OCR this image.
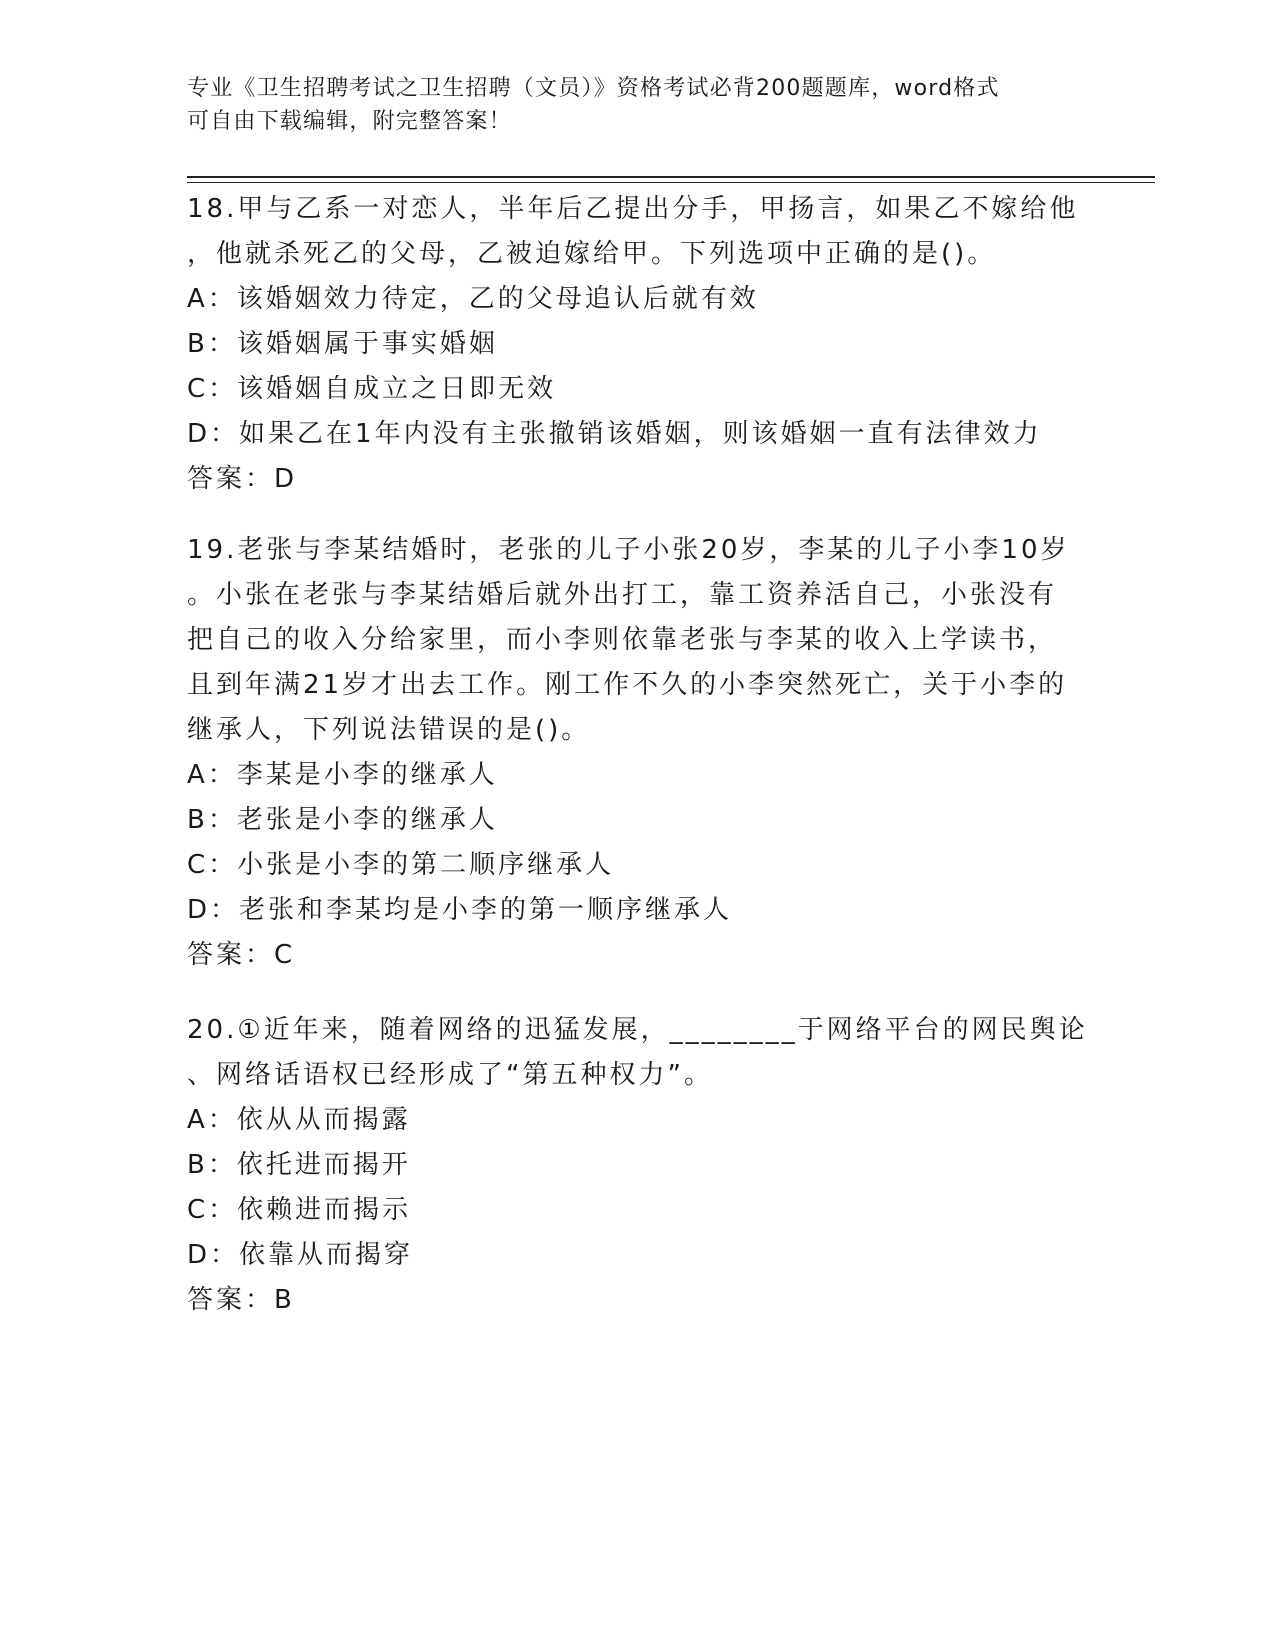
专业《卫生招聘考试之卫生招聘（文员）》资格考试必背200题题库，word格式
可自由下载编辑，附完整答案！
18.甲与乙系一对恋人，半年后乙提出分手，甲扬言，如果乙不嫁给他
，他就杀死乙的父母，乙被迫嫁给甲。下列选项中正确的是()。
A：该婚姻效力待定，乙的父母追认后就有效
B：该婚姻属于事实婚姻
C：该婚姻自成立之日即无效
D：如果乙在1年内没有主张撤销该婚姻，则该婚姻一直有法律效力
答案：D
19.老张与李某结婚时，老张的儿子小张20岁，李某的儿子小李10岁
。小张在老张与李某结婚后就外出打工，靠工资养活自己，小张没有
把自己的收入分给家里，而小李则依靠老张与李某的收入上学读书，
且到年满21岁才出去工作。刚工作不久的小李突然死亡，关于小李的
继承人，下列说法错误的是()。
A：李某是小李的继承人
B：老张是小李的继承人
C：小张是小李的第二顺序继承人
D：老张和李某均是小李的第一顺序继承人
答案：C
20.①近年来，随着网络的迅猛发展，________于网络平台的网民舆论
、网络话语权已经形成了“第五种权力”。
A：依从从而揭露
B：依托进而揭开
C：依赖进而揭示
D：依靠从而揭穿
答案：B
